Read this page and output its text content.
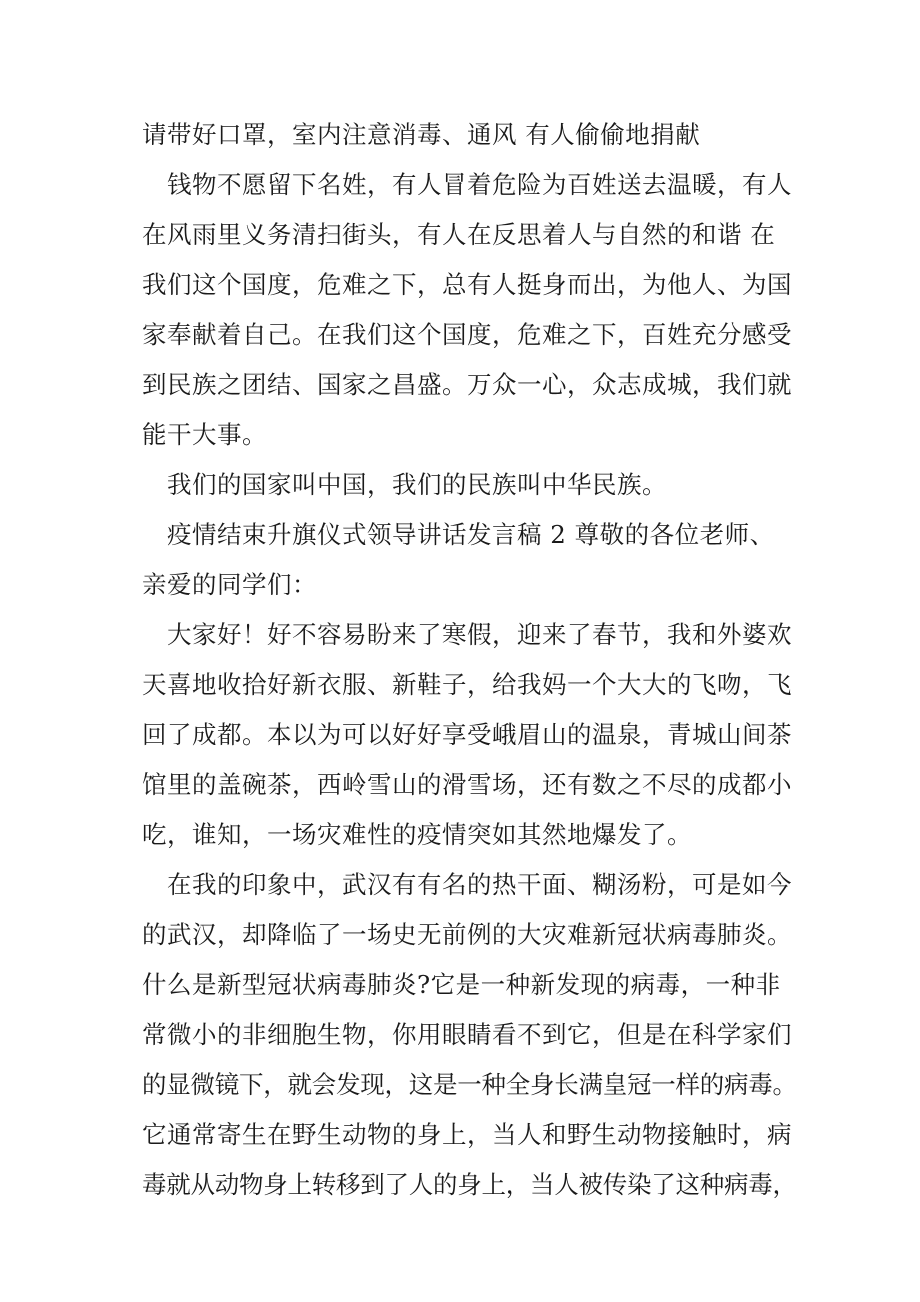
请带好口罩，室内注意消毒、通风 有人偷偷地捐献
钱物不愿留下名姓，有人冒着危险为百姓送去温暖，有人
在风雨里义务清扫街头，有人在反思着人与自然的和谐 在
我们这个国度，危难之下，总有人挺身而出，为他人、为国
家奉献着自己。在我们这个国度，危难之下，百姓充分感受
到民族之团结、国家之昌盛。万众一心，众志成城，我们就
能干大事。
我们的国家叫中国，我们的民族叫中华民族。
疫情结束升旗仪式领导讲话发言稿 2 尊敬的各位老师、
亲爱的同学们：
大家好！好不容易盼来了寒假，迎来了春节，我和外婆欢
天喜地收拾好新衣服、新鞋子，给我妈一个大大的飞吻，飞
回了成都。本以为可以好好享受峨眉山的温泉，青城山间茶
馆里的盖碗茶，西岭雪山的滑雪场，还有数之不尽的成都小
吃，谁知，一场灾难性的疫情突如其然地爆发了。
在我的印象中，武汉有有名的热干面、糊汤粉，可是如今
的武汉，却降临了一场史无前例的大灾难新冠状病毒肺炎。
什么是新型冠状病毒肺炎?它是一种新发现的病毒，一种非
常微小的非细胞生物，你用眼睛看不到它，但是在科学家们
的显微镜下，就会发现，这是一种全身长满皇冠一样的病毒。
它通常寄生在野生动物的身上，当人和野生动物接触时，病
毒就从动物身上转移到了人的身上，当人被传染了这种病毒，
